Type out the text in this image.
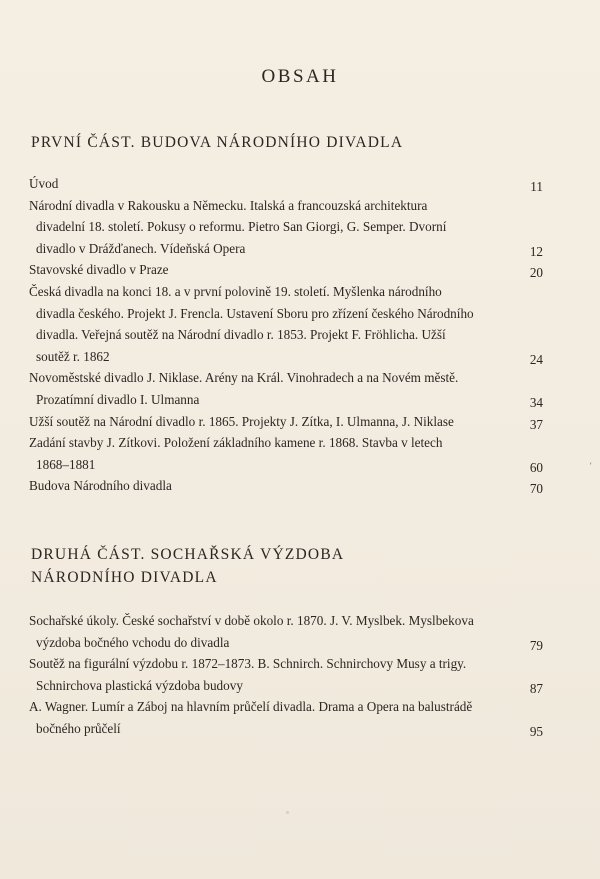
OBSAH
PRVNÍ ČÁST. BUDOVA NÁRODNÍHO DIVADLA
Úvod	11
Národní divadla v Rakousku a Německu. Italská a francouzská architektura divadelní 18. století. Pokusy o reformu. Pietro San Giorgi, G. Semper. Dvorní divadlo v Drážďanech. Vídeňská Opera	12
Stavovské divadlo v Praze	20
Česká divadla na konci 18. a v první polovině 19. století. Myšlenka národního divadla českého. Projekt J. Frencla. Ustavení Sboru pro zřízení českého Národního divadla. Veřejná soutěž na Národní divadlo r. 1853. Projekt F. Fröhlicha. Užší soutěž r. 1862	24
Novoměstské divadlo J. Niklase. Arény na Král. Vinohradech a na Novém městě. Prozatímní divadlo I. Ulmanna	34
Užší soutěž na Národní divadlo r. 1865. Projekty J. Zítka, I. Ulmanna, J. Niklase	37
Zadání stavby J. Zítkovi. Položení základního kamene r. 1868. Stavba v letech 1868–1881	60
Budova Národního divadla	70
DRUHÁ ČÁST. SOCHAŘSKÁ VÝZDOBA
NÁRODNÍHO DIVADLA
Sochařské úkoly. České sochařství v době okolo r. 1870. J. V. Myslbek. Myslbekova výzdoba bočného vchodu do divadla	79
Soutěž na figurální výzdobu r. 1872–1873. B. Schnirch. Schnirchovy Musy a trigy. Schnirchova plastická výzdoba budovy	87
A. Wagner. Lumír a Záboj na hlavním průčelí divadla. Drama a Opera na balustrádě bočného průčelí	95
‘
